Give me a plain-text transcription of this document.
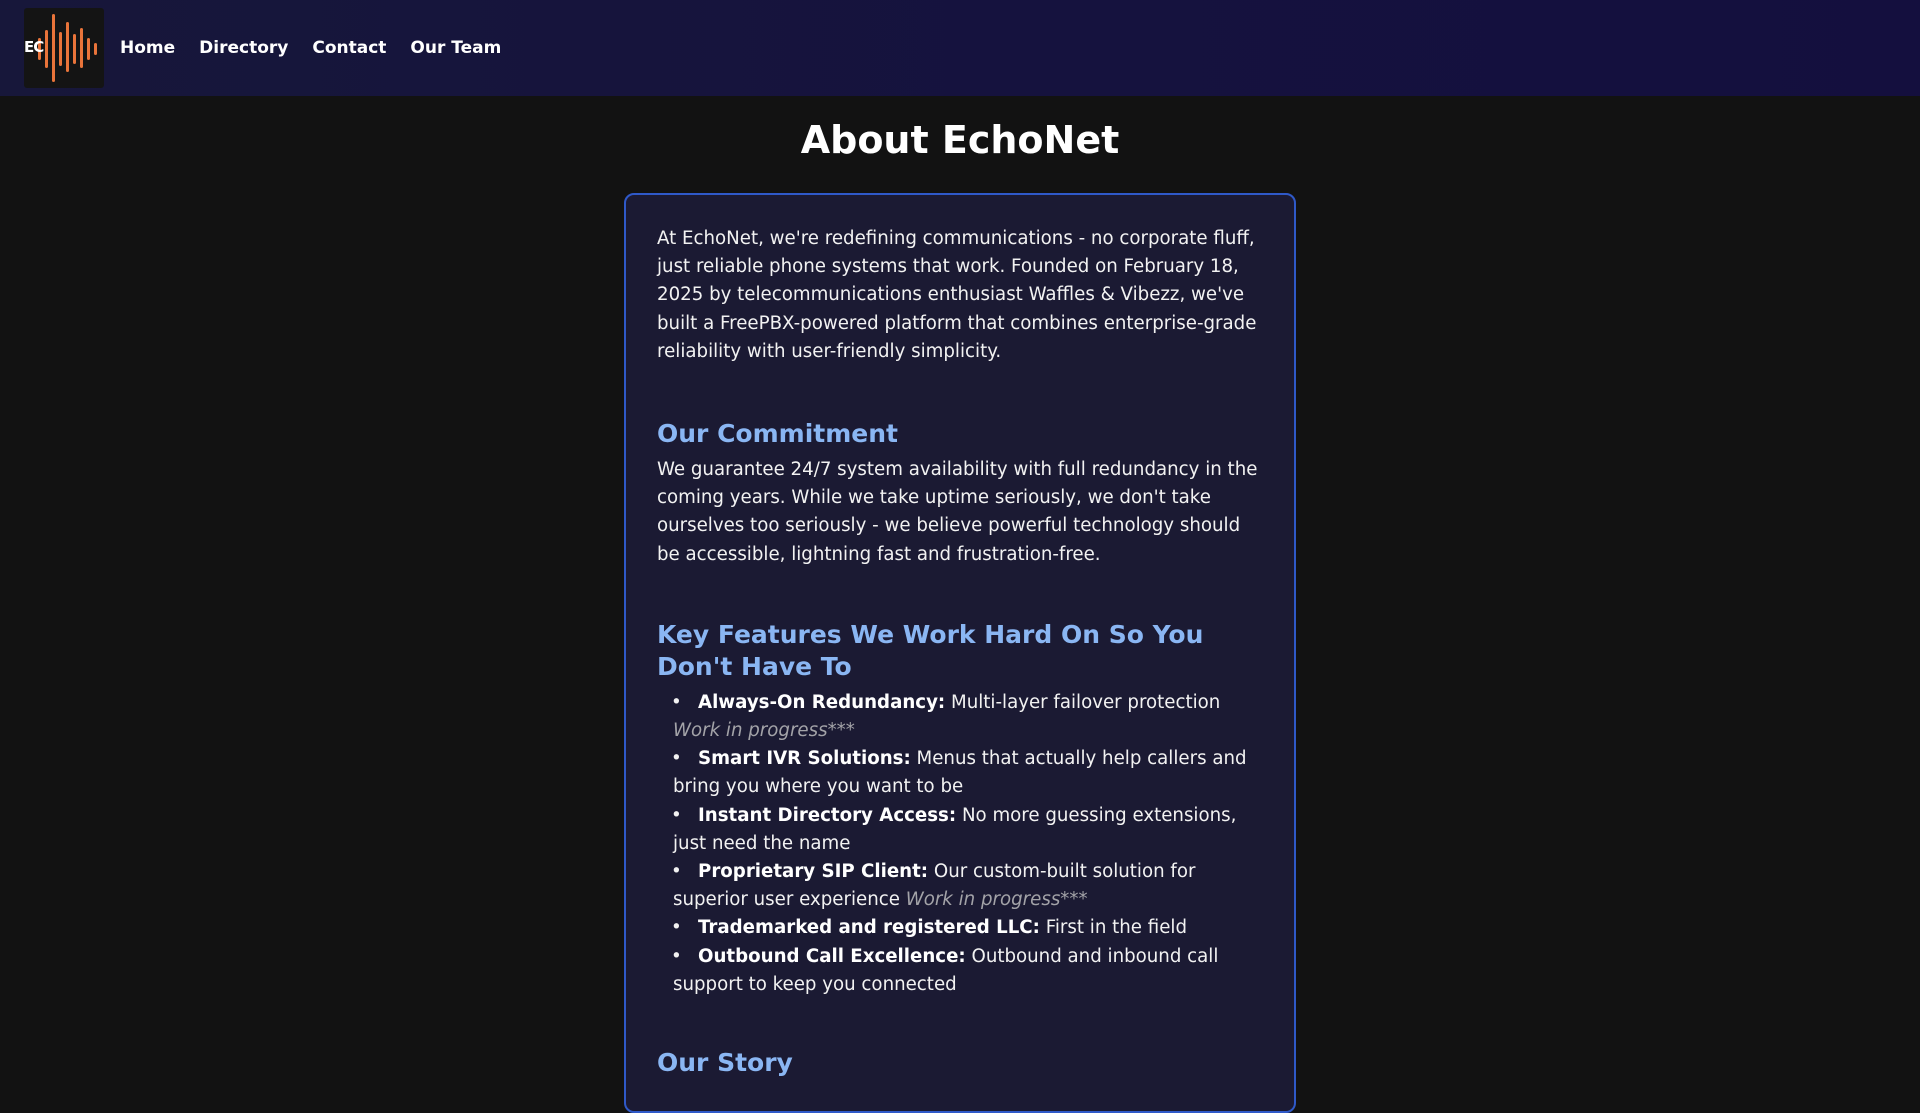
EC	Home Directory Contact Our Team
About EchoNet

At EchoNet, we're redefining communications - no corporate fluff, just reliable phone systems that work. Founded on February 18, 2025 by telecommunications enthusiast Waffles & Vibezz, we've built a FreePBX-powered platform that combines enterprise-grade reliability with user-friendly simplicity.

Our Commitment

We guarantee 24/7 system availability with full redundancy in the coming years. While we take uptime seriously, we don't take ourselves too seriously - we believe powerful technology should be accessible, lightning fast and frustration-free.

Key Features We Work Hard On So You Don't Have To
• Always-On Redundancy: Multi-layer failover protection Work in progress***
• Smart IVR Solutions: Menus that actually help callers and bring you where you want to be
• Instant Directory Access: No more guessing extensions, just need the name
• Proprietary SIP Client: Our custom-built solution for superior user experience Work in progress***
• Trademarked and registered LLC: First in the field
• Outbound Call Excellence: Outbound and inbound call support to keep you connected
Our Story
